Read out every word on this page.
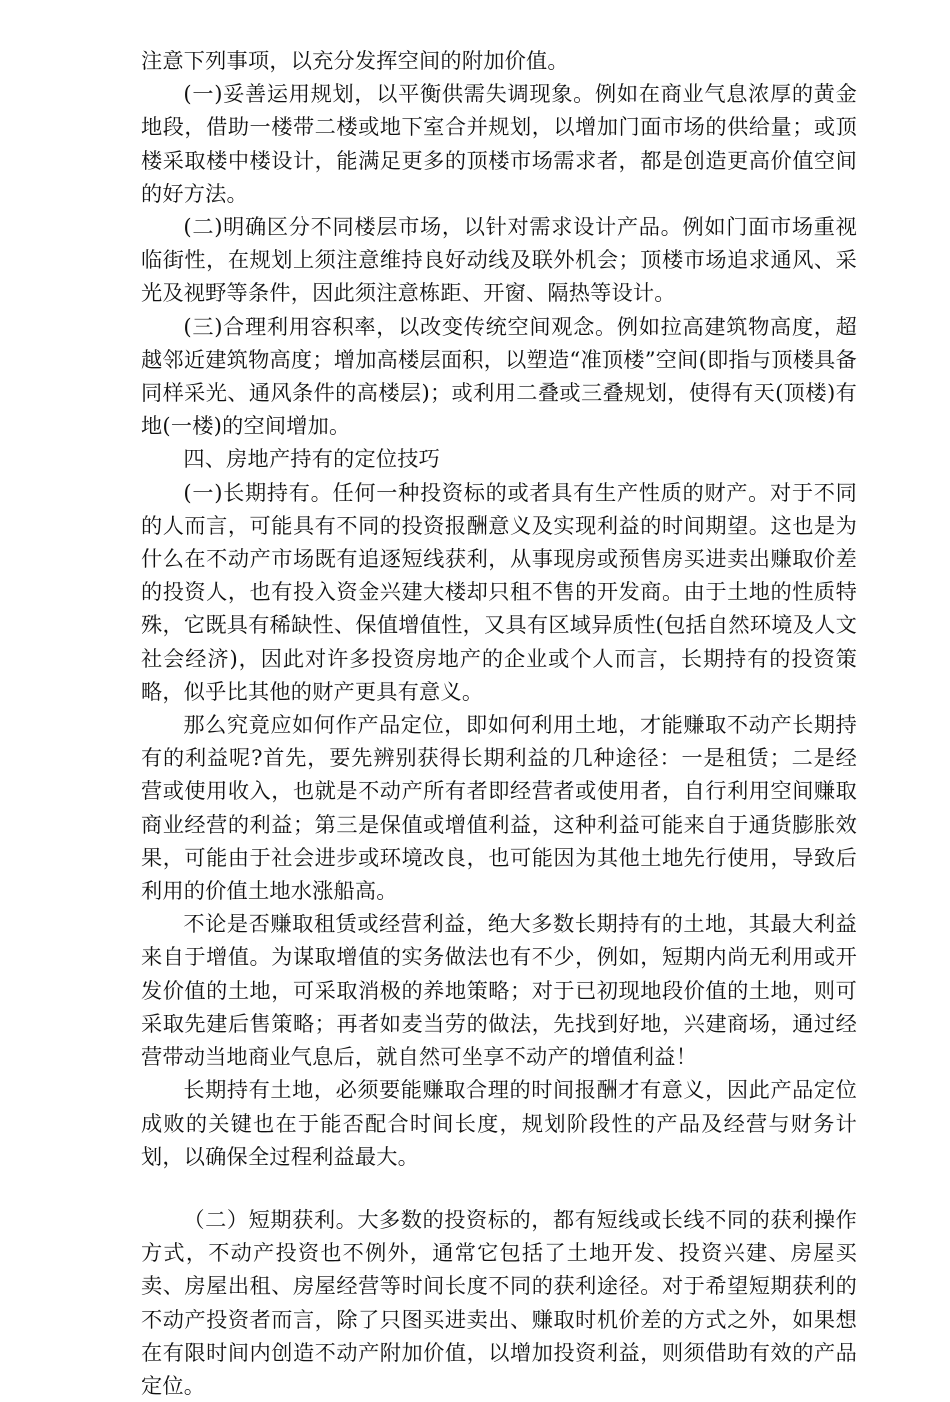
注意下列事项，以充分发挥空间的附加价值。

(一)妥善运用规划，以平衡供需失调现象。例如在商业气息浓厚的黄金地段，借助一楼带二楼或地下室合并规划，以增加门面市场的供给量；或顶楼采取楼中楼设计，能满足更多的顶楼市场需求者，都是创造更高价值空间的好方法。

(二)明确区分不同楼层市场，以针对需求设计产品。例如门面市场重视临街性，在规划上须注意维持良好动线及联外机会；顶楼市场追求通风、采光及视野等条件，因此须注意栋距、开窗、隔热等设计。

(三)合理利用容积率，以改变传统空间观念。例如拉高建筑物高度，超越邻近建筑物高度；增加高楼层面积，以塑造“准顶楼”空间(即指与顶楼具备同样采光、通风条件的高楼层)；或利用二叠或三叠规划，使得有天(顶楼)有地(一楼)的空间增加。

四、房地产持有的定位技巧

(一)长期持有。任何一种投资标的或者具有生产性质的财产。对于不同的人而言，可能具有不同的投资报酬意义及实现利益的时间期望。这也是为什么在不动产市场既有追逐短线获利，从事现房或预售房买进卖出赚取价差的投资人，也有投入资金兴建大楼却只租不售的开发商。由于土地的性质特殊，它既具有稀缺性、保值增值性，又具有区域异质性(包括自然环境及人文社会经济)，因此对许多投资房地产的企业或个人而言，长期持有的投资策略，似乎比其他的财产更具有意义。

那么究竟应如何作产品定位，即如何利用土地，才能赚取不动产长期持有的利益呢?首先，要先辨别获得长期利益的几种途径：一是租赁；二是经营或使用收入，也就是不动产所有者即经营者或使用者，自行利用空间赚取商业经营的利益；第三是保值或增值利益，这种利益可能来自于通货膨胀效果，可能由于社会进步或环境改良，也可能因为其他土地先行使用，导致后利用的价值土地水涨船高。

不论是否赚取租赁或经营利益，绝大多数长期持有的土地，其最大利益来自于增值。为谋取增值的实务做法也有不少，例如，短期内尚无利用或开发价值的土地，可采取消极的养地策略；对于已初现地段价值的土地，则可采取先建后售策略；再者如麦当劳的做法，先找到好地，兴建商场，通过经营带动当地商业气息后，就自然可坐享不动产的增值利益！

长期持有土地，必须要能赚取合理的时间报酬才有意义，因此产品定位成败的关键也在于能否配合时间长度，规划阶段性的产品及经营与财务计划，以确保全过程利益最大。

（二）短期获利。大多数的投资标的，都有短线或长线不同的获利操作方式，不动产投资也不例外，通常它包括了土地开发、投资兴建、房屋买卖、房屋出租、房屋经营等时间长度不同的获利途径。对于希望短期获利的不动产投资者而言，除了只图买进卖出、赚取时机价差的方式之外，如果想在有限时间内创造不动产附加价值，以增加投资利益，则须借助有效的产品定位。
